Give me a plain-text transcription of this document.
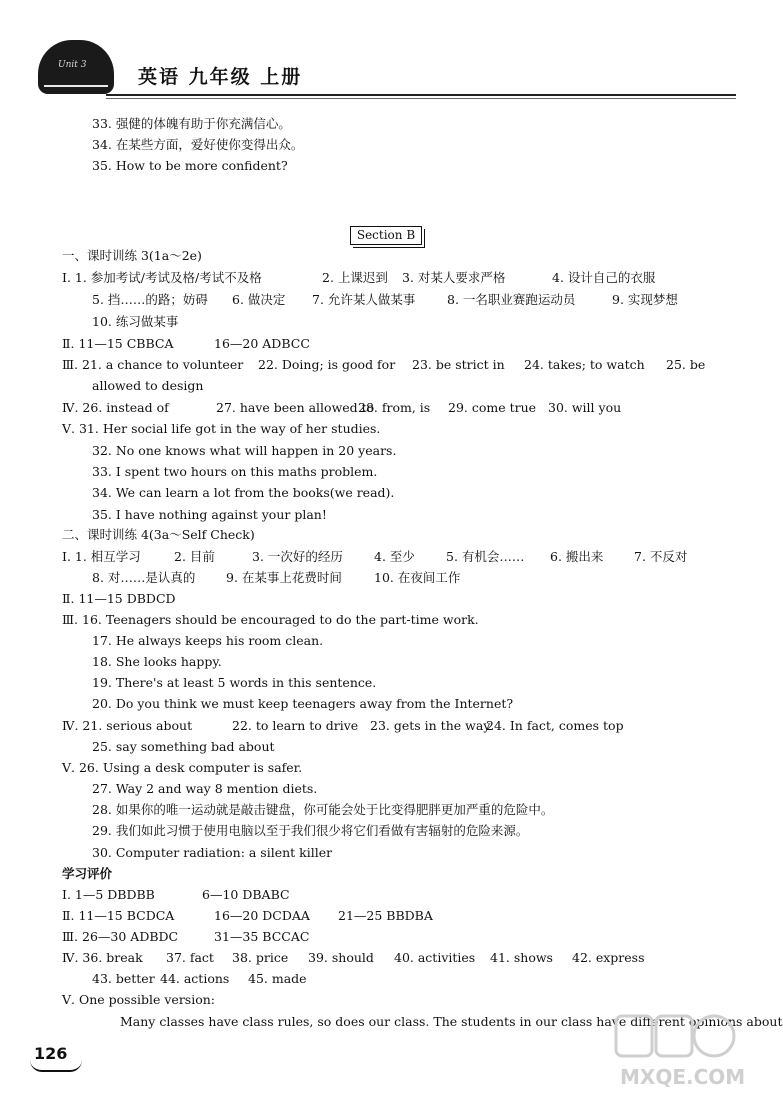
Unit 3
英语 九年级 上册
33. 强健的体魄有助于你充满信心。
34. 在某些方面，爱好使你变得出众。
35. How to be more confident?
Section B
一、课时训练 3(1a～2e)
Ⅰ. 1. 参加考试/考试及格/考试不及格	2. 上课迟到 3. 对某人要求严格	4. 设计自己的衣服
5. 挡……的路；妨碍 6. 做决定 7. 允许某人做某事	8. 一名职业赛跑运动员	9. 实现梦想
10. 练习做某事
Ⅱ. 11—15 CBBCA	16—20 ADBCC
Ⅲ. 21. a chance to volunteer 22. Doing; is good for 23. be strict in 24. takes; to watch 25. be
allowed to design
Ⅳ. 26. instead of	27. have been allowed to
28. from, is 29. come true 30. will you
Ⅴ. 31. Her social life got in the way of her studies.
32. No one knows what will happen in 20 years.
33. I spent two hours on this maths problem.
34. We can learn a lot from the books(we read).
35. I have nothing against your plan!
二、课时训练 4(3a～Self Check)
Ⅰ. 1. 相互学习	2. 目前	3. 一次好的经历 4. 至少 5. 有机会…… 6. 搬出来 7. 不反对
8. 对……是认真的 9. 在某事上花费时间	10. 在夜间工作
Ⅱ. 11—15 DBDCD
Ⅲ. 16. Teenagers should be encouraged to do the part-time work.
17. He always keeps his room clean.
18. She looks happy.
19. There's at least 5 words in this sentence.
20. Do you think we must keep teenagers away from the Internet?
Ⅳ. 21. serious about	22. to learn to drive 23. gets in the way
24. In fact, comes top
25. say something bad about
Ⅴ. 26. Using a desk computer is safer.
27. Way 2 and way 8 mention diets.
28. 如果你的唯一运动就是敲击键盘，你可能会处于比变得肥胖更加严重的危险中。
29. 我们如此习惯于使用电脑以至于我们很少将它们看做有害辐射的危险来源。
30. Computer radiation: a silent killer
学习评价
Ⅰ. 1—5 DBDBB	6—10 DBABC
Ⅱ. 11—15 BCDCA	16—20 DCDAA 21—25 BBDBA
Ⅲ. 26—30 ADBDC	31—35 BCCAC
Ⅳ. 36. break 37. fact 38. price 39. should 40. activities 41. shows 42. express
43. better 44. actions 45. made
Ⅴ. One possible version:
Many classes have class rules, so does our class. The students in our class have different opinions about
126
MXQE.COM
